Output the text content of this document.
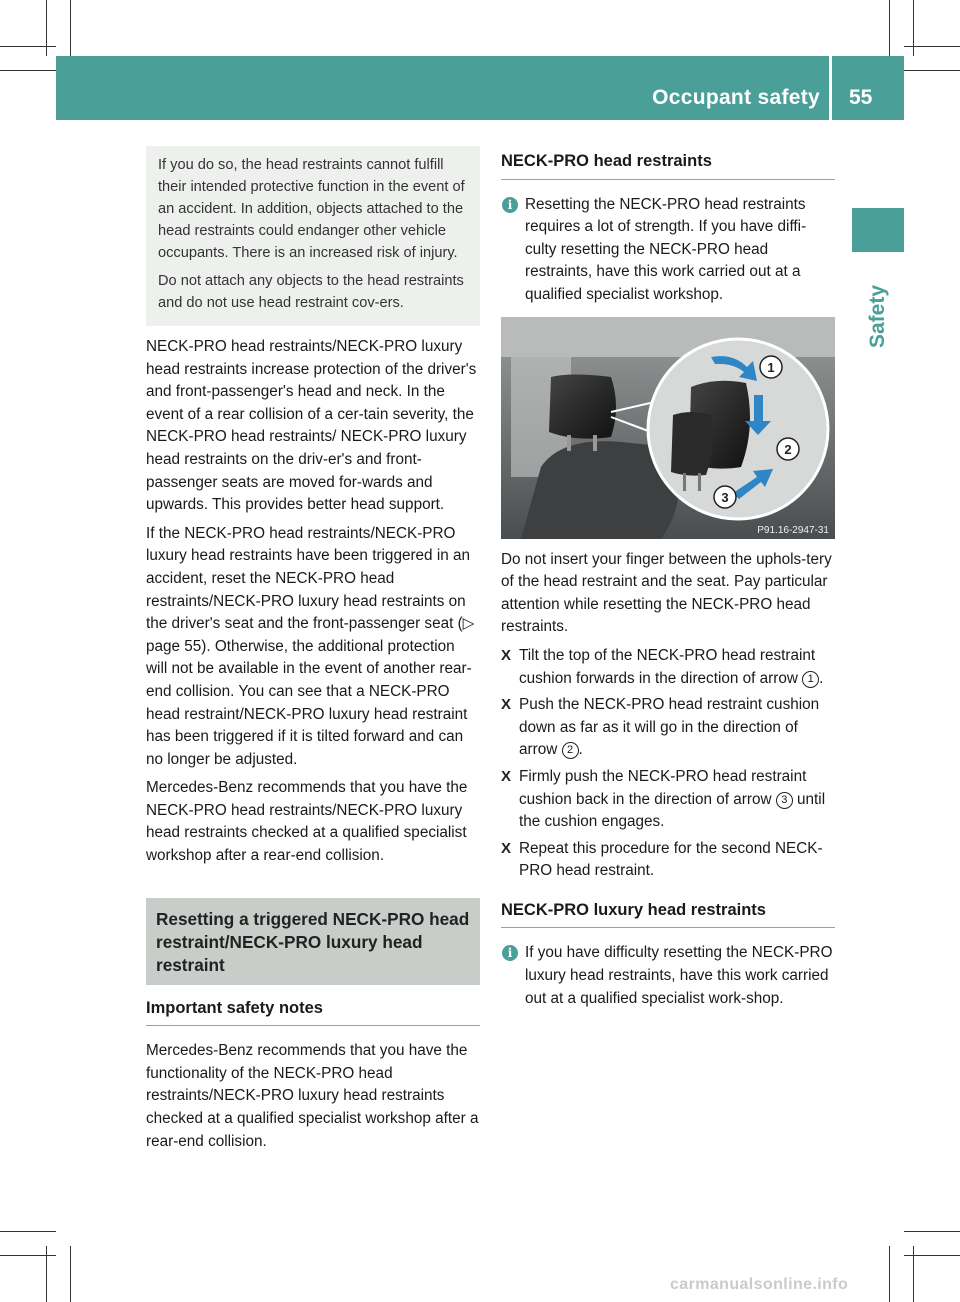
Occupant safety 55
Safety

If you do so, the head restraints cannot fulfill their intended protective function in the event of an accident. In addition, objects attached to the head restraints could endanger other vehicle occupants. There is an increased risk of injury.

Do not attach any objects to the head restraints and do not use head restraint cov-ers.

NECK-PRO head restraints/NECK-PRO luxury head restraints increase protection of the driver's and front-passenger's head and neck. In the event of a rear collision of a cer-tain severity, the NECK-PRO head restraints/ NECK-PRO luxury head restraints on the driv-er's and front-passenger seats are moved for-wards and upwards. This provides better head support.

If the NECK-PRO head restraints/NECK-PRO luxury head restraints have been triggered in an accident, reset the NECK-PRO head restraints/NECK-PRO luxury head restraints on the driver's seat and the front-passenger seat (▷ page 55). Otherwise, the additional protection will not be available in the event of another rear-end collision. You can see that a NECK-PRO head restraint/NECK-PRO luxury head restraint has been triggered if it is tilted forward and can no longer be adjusted.

Mercedes-Benz recommends that you have the NECK-PRO head restraints/NECK-PRO luxury head restraints checked at a qualified specialist workshop after a rear-end collision.

Resetting a triggered NECK-PRO head restraint/NECK-PRO luxury head restraint
Important safety notes

Mercedes-Benz recommends that you have the functionality of the NECK-PRO head restraints/NECK-PRO luxury head restraints checked at a qualified specialist workshop after a rear-end collision.

NECK-PRO head restraints
i Resetting the NECK-PRO head restraints requires a lot of strength. If you have diffi-culty resetting the NECK-PRO head restraints, have this work carried out at a qualified specialist workshop.
1
2
3
P91.16-2947-31

Do not insert your finger between the uphols-tery of the head restraint and the seat. Pay particular attention while resetting the NECK-PRO head restraints.

X Tilt the top of the NECK-PRO head restraint cushion forwards in the direction of arrow 1 .
X Push the NECK-PRO head restraint cushion down as far as it will go in the direction of arrow 2 .
X Firmly push the NECK-PRO head restraint cushion back in the direction of arrow 3 until the cushion engages.
X Repeat this procedure for the second NECK-PRO head restraint.
NECK-PRO luxury head restraints
i If you have difficulty resetting the NECK-PRO luxury head restraints, have this work carried out at a qualified specialist work-shop.
carmanualsonline.info
